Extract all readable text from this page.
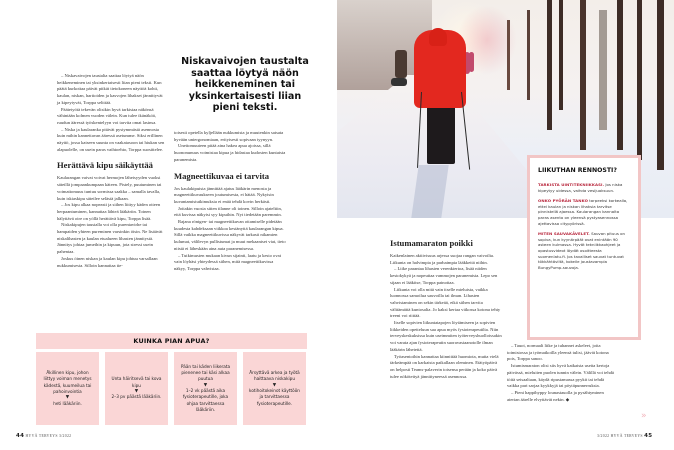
– Niskavaivojen taustalta saattaa löytyä näön heikkeneminen tai yksinkertaisesti liian pieni teksti. Kun päätä kurkottaa päivät pitkät tietokoneen näyttöä kohti, kaulan, niskan, hartioiden ja kasvojen lihakset jännittyvät ja kipeytyvät, Torppa selittää.

Päätetyötä tekevän olisikin hyvä tarkistaa näkönsä vähintään kolmen vuoden välein. Kun tulee ikänäköä, ruudun ääressä työskentelyyn voi tarvita omat lasinsa.

– Niska ja kaularanka pitävät pystymmästä asennosta kuin mihin kannettavan ääressä asetumme. Siksi erillinen näyttö, jossa katseen suunta on vaakatasoon tai hiukan sen alapuolelle, on usein paras vaihtoehto, Torppa suosittelee.

Herättävä kipu säikäyttää

Kaularangan vaivat voivat hermojen läheisyyden vuoksi säteillä jompaankumpaan käteen. Pistely, puutuminen tai voimattomuus tuntuu sormissa saakka – samalla tavalla, kuin iskiaskipu säteilee selästä jalkaan.

– Jos kipu alkaa nopeasti ja siihen liittyy käden otteen herpaantuminen, kannattaa lähteä lääkäriin. Toinen hälyttävä oire on yöllä herättävä kipu, Torppa lisää.

Niskakipujen taustalla voi olla purentavirhe tai hampaiden yhteen pureminen varsinkin öisin. Ne lisäävät niskalihasten ja kaulan etualueen lihasten jännitystä. Jännitys johtaa jumeihin ja kipuun, jota stressi usein pahentaa.

Joskus öinen niskan ja kaulan kipu johtuu varsallaan nukkumisesta. Silloin kannattaa tie-

Niskavaivojen taustalta saattaa löytyä näön heikkeneminen tai yksinkertaisesti liian pieni teksti.

toisesti opetella kyljellään nukkumista ja muutenkin satsata hyvään uniergonomiaan, erityisesti sopivaan tyynyyn.

Unettomuuteen pitää aina hakea apua ajoissa, sillä huononunuus voimistaa kipua ja hidastaa kudosten kuntaista paranemista.

Magneettikuvaa ei tarvita

Jos kaulakipuista jännittää ajatus lääkärin menosta ja magneettikuvaukseen joutumisesta, ei hätää. Nykyisin kuvantamistutkimuksia ei enää tehdä kovin herkästi.

Joitakin vuosia sitten tilanne oli toinen. Silloin ajateltiin, että kuvissa näkyisi syy kipuihin. Nyt tiedetään paremmin.

Rajana röntgen- tai magneettikuvan ottamiselle pidetään kuudesta kahdeksaan viikkoa kestänyttä kaularangan kipua. Sillä vaikka magneettikuvissa näkyvät tarkasti nikamien kulumat, välilevyn pullistumat ja muut mekaaniset viat, tieto niistä ei läheskään aina auta paranemisessa.

– Tutkimusten mukaan kivun sijainti, laatu ja kesto ovat vain löyhäsi yhteydessä siihen, mitä magneettikuvissa näkyy, Torppa vahvistaa.

KUINKA PIAN APUA?
Äkillinen kipu, johon liittyy voiman menetys kädestä, kuumeilua tai pahoinvointia
▼
heti lääkäriin.
Unta häiritsevä tai kova kipu
▼
2–3 pv päästä lääkäriin.
Pään tai käden liikerata pienenee tai käsi alkaa puutua
▼
1–2 vk päästä aika fysioterapeutille, joka ohjaa tarvittaessa lääkäriin.
Ärsyttävä arkea ja työtä haittaava niskakipu
▼
kotihoitokeinot käyttöön ja tarvittaessa fysioterapeutille.
44 HYVÄ TERVEYS 3/2022
Istumamaraton poikki

Kaikenlainen aktiivisuus arjessa suojaa rangan vaivoilta. Liikunta on halvimpia ja parhaimpia lääkkeitä niihin.

– Liike parantaa lihasten verenkiertoa, lisää niiden kestokykyä ja nopeuttaa vammojen paranemista. Lepo sen sijaan ei lääkitse, Torppa painottaa.

Liikunta voi olla mitä vain itselle mieluista, vaikka luonnossa samoilua sauvoilla tai ilman. Lihasten vahvistaminen on sekin tärkeää, eikä siihen tarvita välttämättä kuntosalia. Jo kaksi kertaa viikossa kotona tehty treeni voi riittää.

Itselle sopivien liikuntatapojen löytämiseen ja sopivien liikkeiden opetteluun saa apua myös fysioterapeutilta. Niin terveyskeskuksissa kuin useimmiten työterveyshuolloissakin voi varata ajan fysioterapeutin suoravastaanotolle ilman lääkärin lähetettä.

Työasentoihin kannattaa kiinnittää huomiota, mutta vielä tärkeämpää on karkaista paikallaan oleminen. Etätyöpäivä on helposti Teams-palaverin toisensa perään ja koko päivä tulee nökötettyä jännittyneessä asennossa.

– Tauot, normaali liike ja tuhannet askeleet, joita toimistossa ja työmatkoilla yleensä tulisi, jäävät kotona pois, Torppa sanoo.

Istumismaraton olisi siis hyvä katkaista useita kertoja päivässä, mieluiten puolen tunnin välein. Välillä voi tehdä töitä seisaaltaan, käydä ripustamassa pyykit tai tehdä vaikka pari sarjaa kyykkyjä tai pöytäpunnerruksia.

– Pieni happihyppy lounastauolla ja pysähtyminen aterian äärelle elvyttävät nekin. ◆

LIIKUTHAN RENNOSTI?

TARKISTA UINTITEKNIIKKASI. Jos niska kipeytyy uidessa, vaihda vesijuoksuun.

ONKO PYÖRÄN TANKO tarpeeksi korkealla, ettei kaulan ja niskan lihaksia tarvitse pinnistellä ajaessa. Kaularangan kannalta paras asento on yleensä pystyasennossa ajettavissa citypyörissä.

MITEN SAUVAKÄVELET. Sauvan pituus on sopiva, kun kyynärpäät ovat enintään 90 asteen kulmassa. Hyvät tekniikkaohjeet ja opastusvideot löydät osoitteesta suomenlatu.fi. Jos tavalliset sauvat tuntuvat tökkähtäviltä, kokeile joustavampia BungyPump-sauvoja.

»
3/2022 HYVÄ TERVEYS 45
